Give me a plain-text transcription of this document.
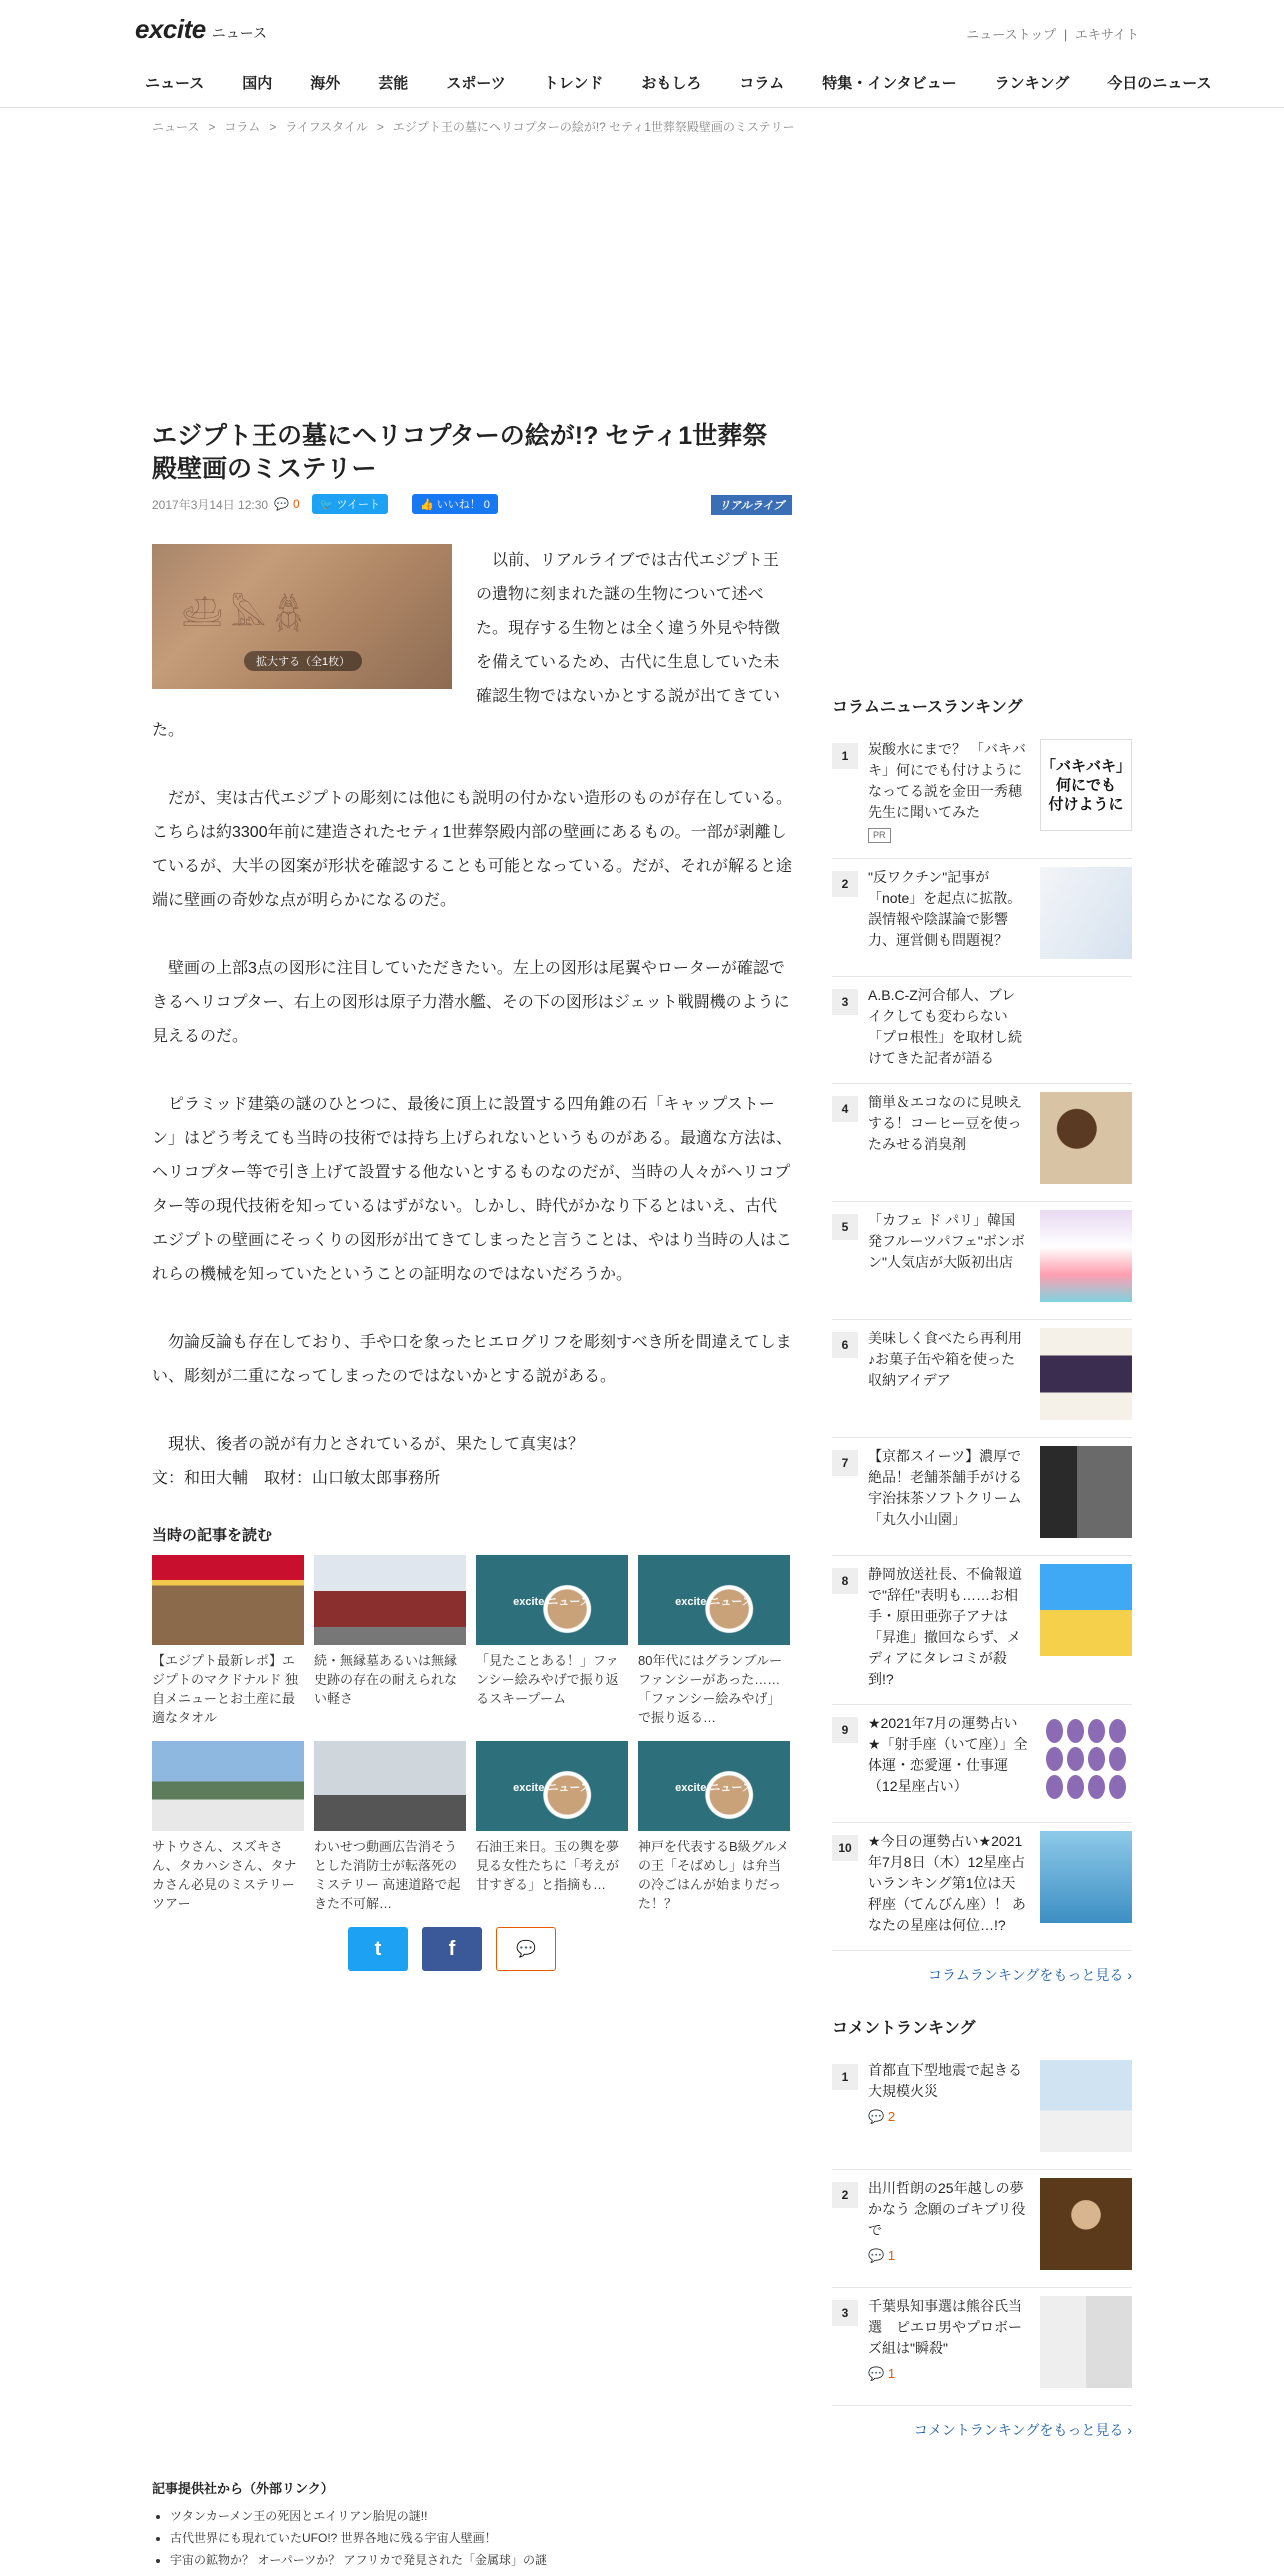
excite ニュース	ニューストップ | エキサイト
ニュース	国内	海外	芸能	スポーツ	トレンド	おもしろ	コラム	特集・インタビュー	ランキング	今日のニュース
ニュース > コラム > ライフスタイル > エジプト王の墓にヘリコプターの絵が!? セティ1世葬祭殿壁画のミステリー
エジプト王の墓にヘリコプターの絵が!? セティ1世葬祭殿壁画のミステリー
2017年3月14日 12:30 💬 0	🐦 ツイート	👍 いいね！ 0	リアルライブ
𓊝𓅓𓆣
拡大する（全1枚）

以前、リアルライブでは古代エジプト王の遺物に刻まれた謎の生物について述べた。現存する生物とは全く違う外見や特徴を備えているため、古代に生息していた未確認生物ではないかとする説が出てきていた。

だが、実は古代エジプトの彫刻には他にも説明の付かない造形のものが存在している。こちらは約3300年前に建造されたセティ1世葬祭殿内部の壁画にあるもの。一部が剥離しているが、大半の図案が形状を確認することも可能となっている。だが、それが解ると途端に壁画の奇妙な点が明らかになるのだ。

壁画の上部3点の図形に注目していただきたい。左上の図形は尾翼やローターが確認できるヘリコプター、右上の図形は原子力潜水艦、その下の図形はジェット戦闘機のように見えるのだ。

ピラミッド建築の謎のひとつに、最後に頂上に設置する四角錐の石「キャップストーン」はどう考えても当時の技術では持ち上げられないというものがある。最適な方法は、ヘリコプター等で引き上げて設置する他ないとするものなのだが、当時の人々がヘリコプター等の現代技術を知っているはずがない。しかし、時代がかなり下るとはいえ、古代エジプトの壁画にそっくりの図形が出てきてしまったと言うことは、やはり当時の人はこれらの機械を知っていたということの証明なのではないだろうか。

勿論反論も存在しており、手や口を象ったヒエログリフを彫刻すべき所を間違えてしまい、彫刻が二重になってしまったのではないかとする説がある。

現状、後者の説が有力とされているが、果たして真実は？

文：和田大輔　取材：山口敏太郎事務所

当時の記事を読む
【エジプト最新レポ】エジプトのマクドナルド 独自メニューとお土産に最適なタオル
続・無縁墓あるいは無縁史跡の存在の耐えられない軽さ
excite ニュース
「見たことある！」ファンシー絵みやげで振り返るスキープーム
excite ニュース
80年代にはグランブルーファンシーがあった……「ファンシー絵みやげ」で振り返る…
サトウさん、スズキさん、タカハシさん、タナカさん必見のミステリーツアー
わいせつ動画広告消そうとした消防士が転落死のミステリー 高速道路で起きた不可解…
excite ニュース
石油王来日。玉の輿を夢見る女性たちに「考えが甘すぎる」と指摘も…
excite ニュース
神戸を代表するB級グルメの王「そばめし」は弁当の冷ごはんが始まりだった！？
t	f	💬
記事提供社から（外部リンク）
• ツタンカーメン王の死因とエイリアン胎児の謎!!
• 古代世界にも現れていたUFO!? 世界各地に残る宇宙人壁画！
• 宇宙の鉱物か？ オーパーツか？ アフリカで発見された「金属球」の謎
コラムニュースランキング
1	炭酸水にまで？ 「バキバキ」何にでも付けようになってる説を金田一秀穂先生に聞いてみた
PR
「バキバキ」
何にでも
付けように
2	"反ワクチン"記事が「note」を起点に拡散。誤情報や陰謀論で影響力、運営側も問題視？
3	A.B.C-Z河合郁人、ブレイクしても変わらない「プロ根性」を取材し続けてきた記者が語る
4	簡単＆エコなのに見映えする！コーヒー豆を使ったみせる消臭剤
5	「カフェ ド パリ」韓国発フルーツパフェ"ボンボン"人気店が大阪初出店
6	美味しく食べたら再利用♪お菓子缶や箱を使った収納アイデア
7	【京都スイーツ】濃厚で絶品！老舗茶舗手がける宇治抹茶ソフトクリーム「丸久小山園」
8	静岡放送社長、不倫報道で"辞任"表明も……お相手・原田亜弥子アナは「昇進」撤回ならず、メディアにタレコミが殺到!?
9	★2021年7月の運勢占い★「射手座（いて座）」全体運・恋愛運・仕事運（12星座占い）
10	★今日の運勢占い★2021年7月8日（木）12星座占いランキング第1位は天秤座（てんびん座）！ あなたの星座は何位…!?
コラムランキングをもっと見る ›
コメントランキング
1	首都直下型地震で起きる大規模火災
💬 2
2	出川哲朗の25年越しの夢かなう 念願のゴキブリ役で
💬 1
3	千葉県知事選は熊谷氏当選　ピエロ男やプロボーズ組は"瞬殺"
💬 1
コメントランキングをもっと見る ›
